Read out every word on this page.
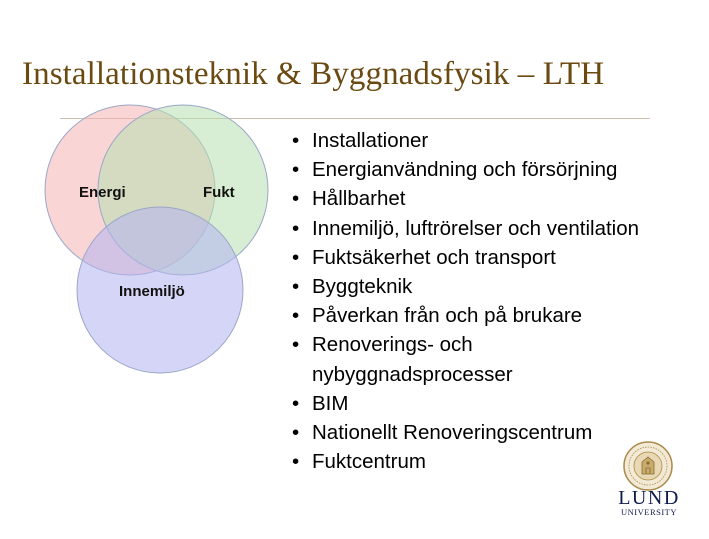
Installationsteknik & Byggnadsfysik – LTH
Energi	Fukt
Innemiljö
• Installationer
• Energianvändning och försörjning
• Hållbarhet
• Innemiljö, luftrörelser och ventilation
• Fuktsäkerhet och transport
• Byggteknik
• Påverkan från och på brukare
• Renoverings- och
nybyggnadsprocesser
• BIM
• Nationellt Renoveringscentrum
• Fuktcentrum
LUND
UNIVERSITY
